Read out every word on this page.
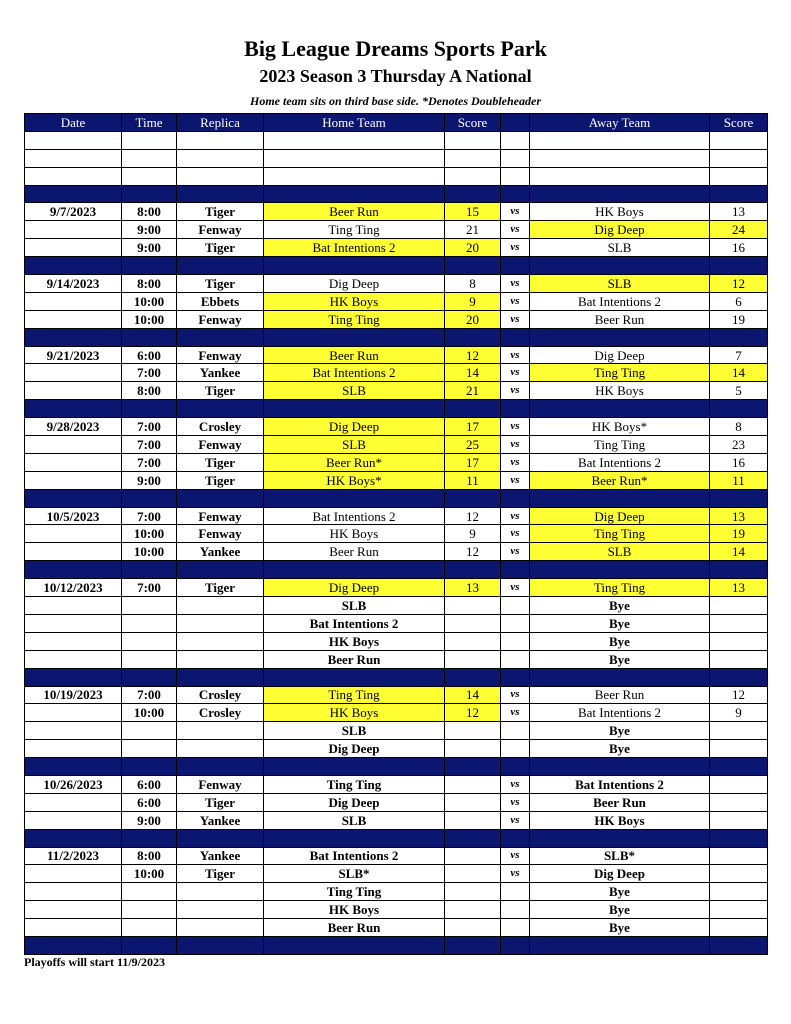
Big League Dreams Sports Park
2023 Season 3 Thursday A National
Home team sits on third base side. *Denotes Doubleheader
Date	Time	Replica	Home Team	Score		Away Team	Score

9/7/2023	8:00	Tiger	Beer Run	15	vs	HK Boys	13
	9:00	Fenway	Ting Ting	21	vs	Dig Deep	24
	9:00	Tiger	Bat Intentions 2	20	vs	SLB	16

9/14/2023	8:00	Tiger	Dig Deep	8	vs	SLB	12
	10:00	Ebbets	HK Boys	9	vs	Bat Intentions 2	6
	10:00	Fenway	Ting Ting	20	vs	Beer Run	19

9/21/2023	6:00	Fenway	Beer Run	12	vs	Dig Deep	7
	7:00	Yankee	Bat Intentions 2	14	vs	Ting Ting	14
	8:00	Tiger	SLB	21	vs	HK Boys	5

9/28/2023	7:00	Crosley	Dig Deep	17	vs	HK Boys*	8
	7:00	Fenway	SLB	25	vs	Ting Ting	23
	7:00	Tiger	Beer Run*	17	vs	Bat Intentions 2	16
	9:00	Tiger	HK Boys*	11	vs	Beer Run*	11

10/5/2023	7:00	Fenway	Bat Intentions 2	12	vs	Dig Deep	13
	10:00	Fenway	HK Boys	9	vs	Ting Ting	19
	10:00	Yankee	Beer Run	12	vs	SLB	14

10/12/2023	7:00	Tiger	Dig Deep	13	vs	Ting Ting	13
			SLB			Bye	
			Bat Intentions 2			Bye	
			HK Boys			Bye	
			Beer Run			Bye	

10/19/2023	7:00	Crosley	Ting Ting	14	vs	Beer Run	12
	10:00	Crosley	HK Boys	12	vs	Bat Intentions 2	9
			SLB			Bye	
			Dig Deep			Bye	

10/26/2023	6:00	Fenway	Ting Ting		vs	Bat Intentions 2	
	6:00	Tiger	Dig Deep		vs	Beer Run	
	9:00	Yankee	SLB		vs	HK Boys	

11/2/2023	8:00	Yankee	Bat Intentions 2		vs	SLB*	
	10:00	Tiger	SLB*		vs	Dig Deep	
			Ting Ting			Bye	
			HK Boys			Bye	
			Beer Run			Bye	

Playoffs will start 11/9/2023
